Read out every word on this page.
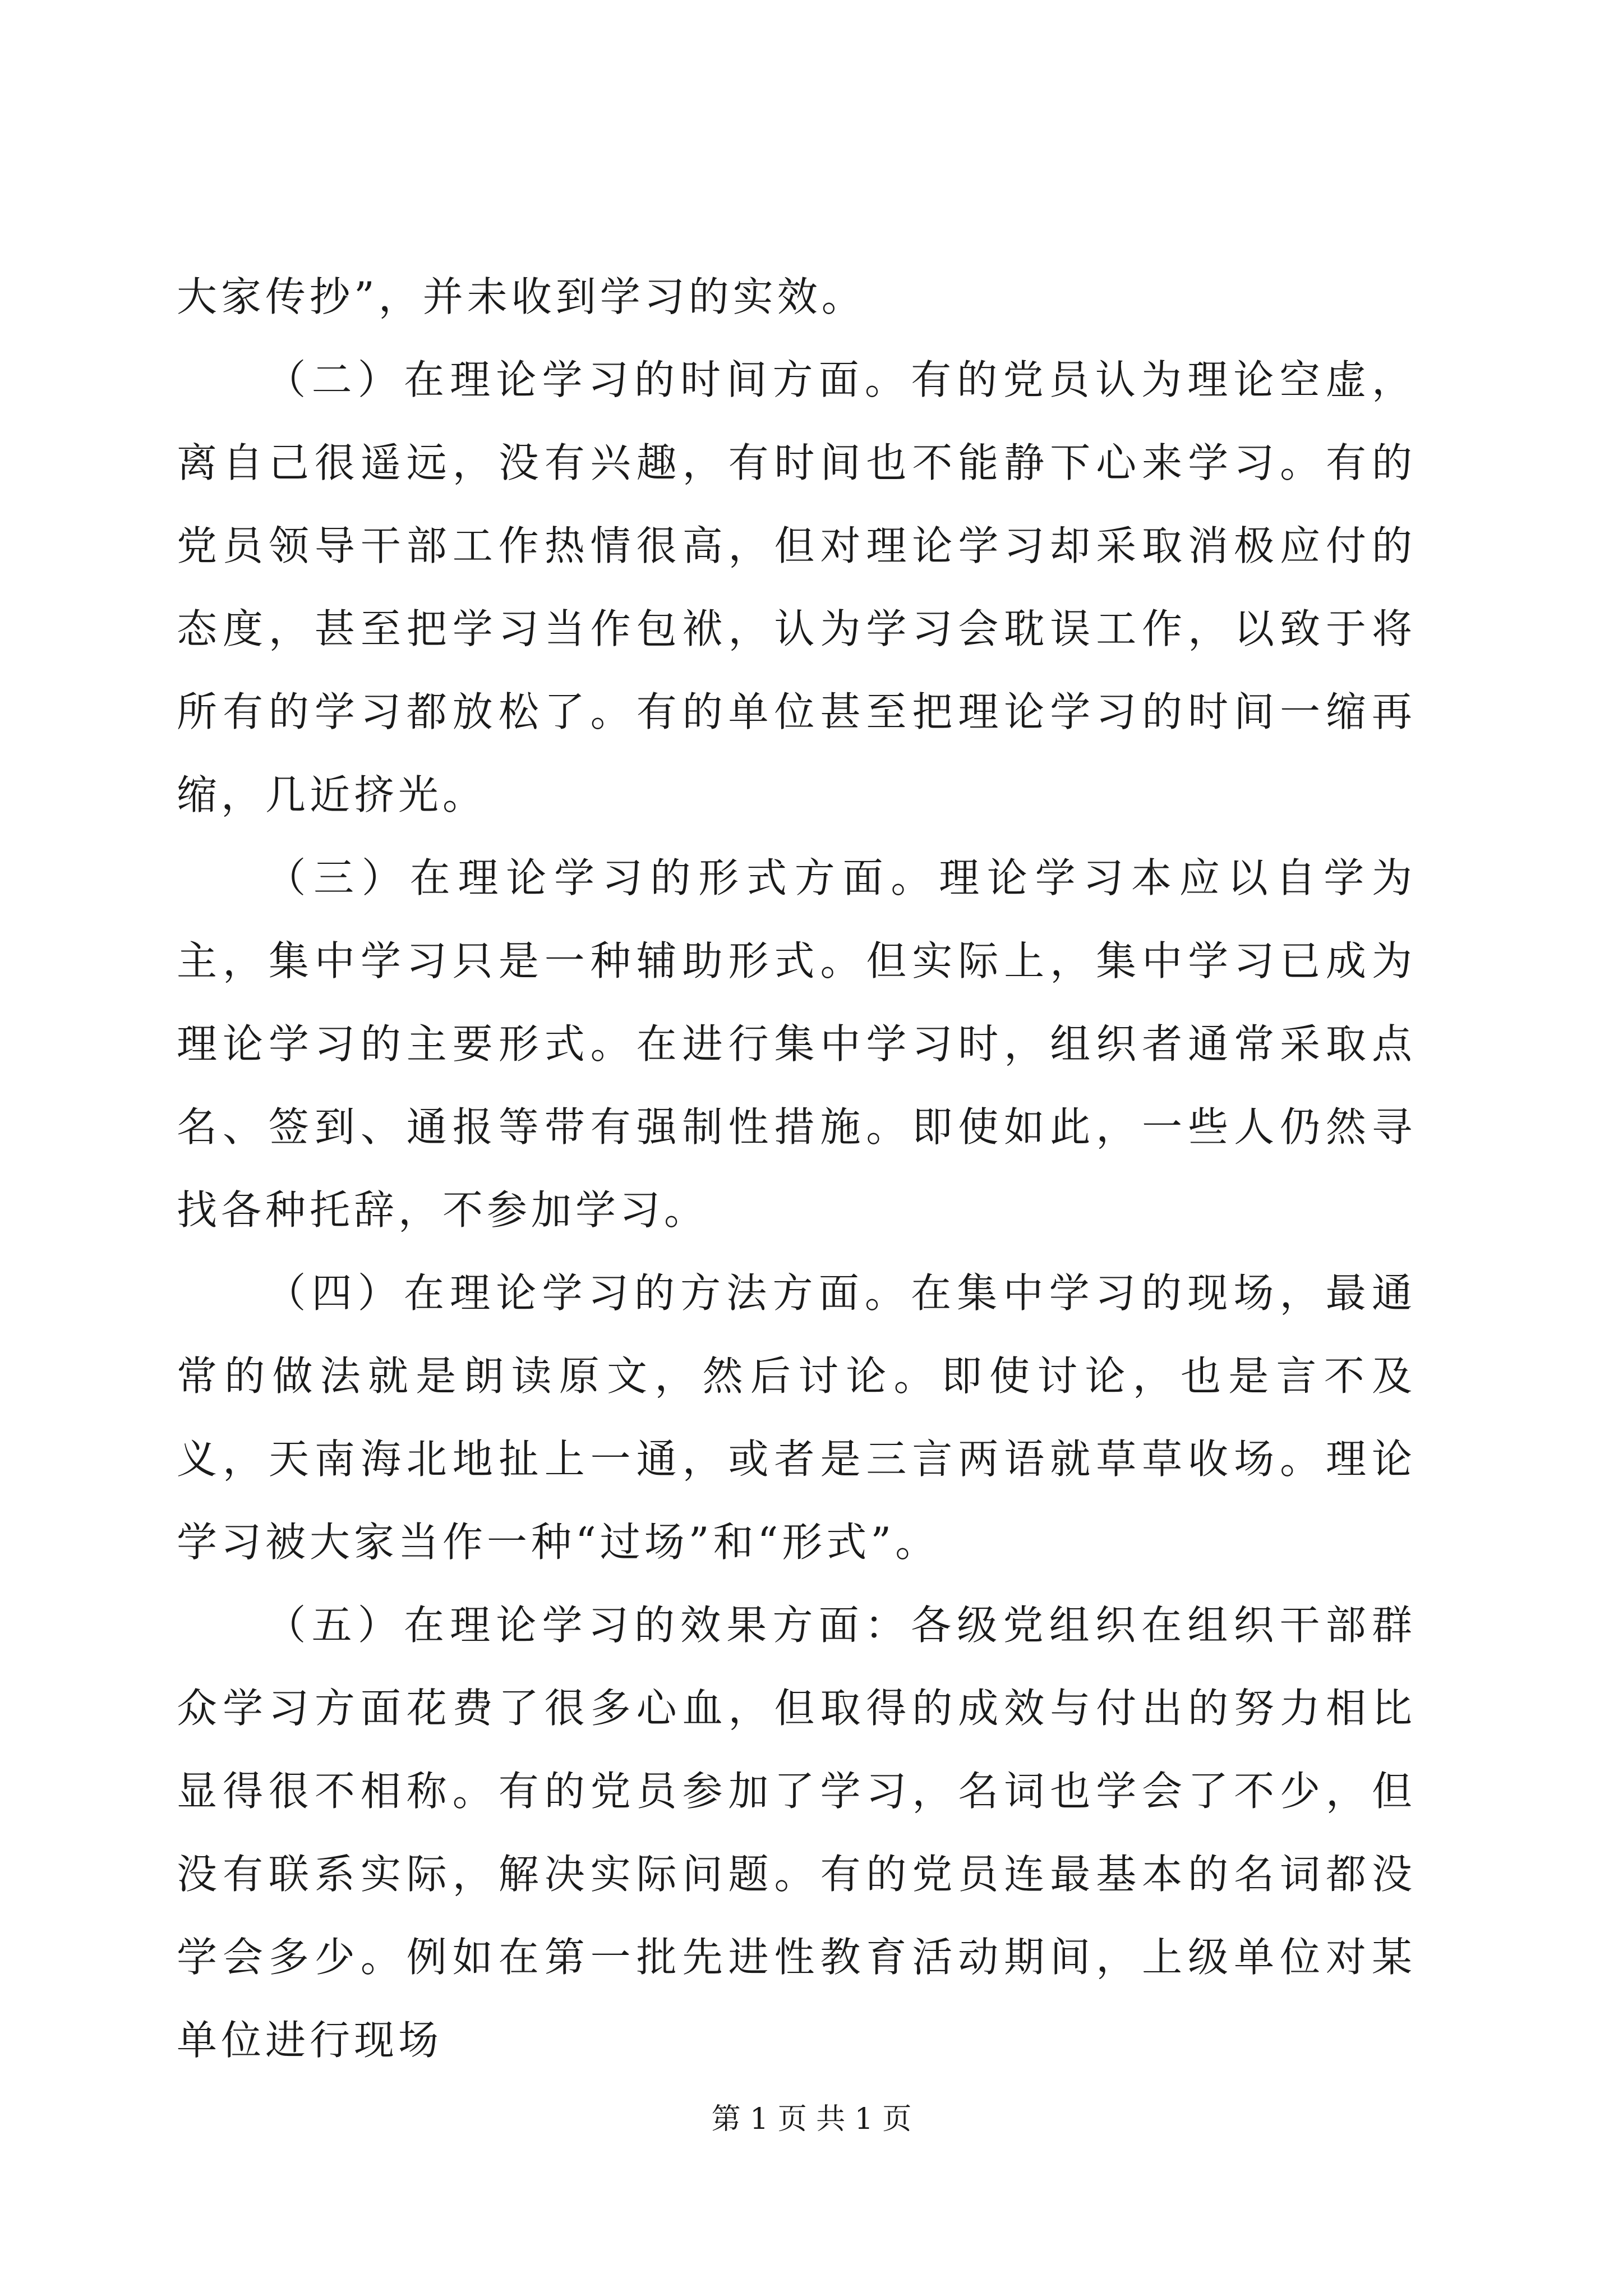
大家传抄”，并未收到学习的实效。

（二）在理论学习的时间方面。有的党员认为理论空虚，离自己很遥远，没有兴趣，有时间也不能静下心来学习。有的党员领导干部工作热情很高，但对理论学习却采取消极应付的态度，甚至把学习当作包袱，认为学习会耽误工作，以致于将所有的学习都放松了。有的单位甚至把理论学习的时间一缩再缩，几近挤光。

（三）在理论学习的形式方面。理论学习本应以自学为主，集中学习只是一种辅助形式。但实际上，集中学习已成为理论学习的主要形式。在进行集中学习时，组织者通常采取点名、签到、通报等带有强制性措施。即使如此，一些人仍然寻找各种托辞，不参加学习。

（四）在理论学习的方法方面。在集中学习的现场，最通常的做法就是朗读原文，然后讨论。即使讨论，也是言不及义，天南海北地扯上一通，或者是三言两语就草草收场。理论学习被大家当作一种“过场”和“形式”。

（五）在理论学习的效果方面：各级党组织在组织干部群众学习方面花费了很多心血，但取得的成效与付出的努力相比显得很不相称。有的党员参加了学习，名词也学会了不少，但没有联系实际，解决实际问题。有的党员连最基本的名词都没学会多少。例如在第一批先进性教育活动期间，上级单位对某单位进行现场

第 1 页 共 1 页
